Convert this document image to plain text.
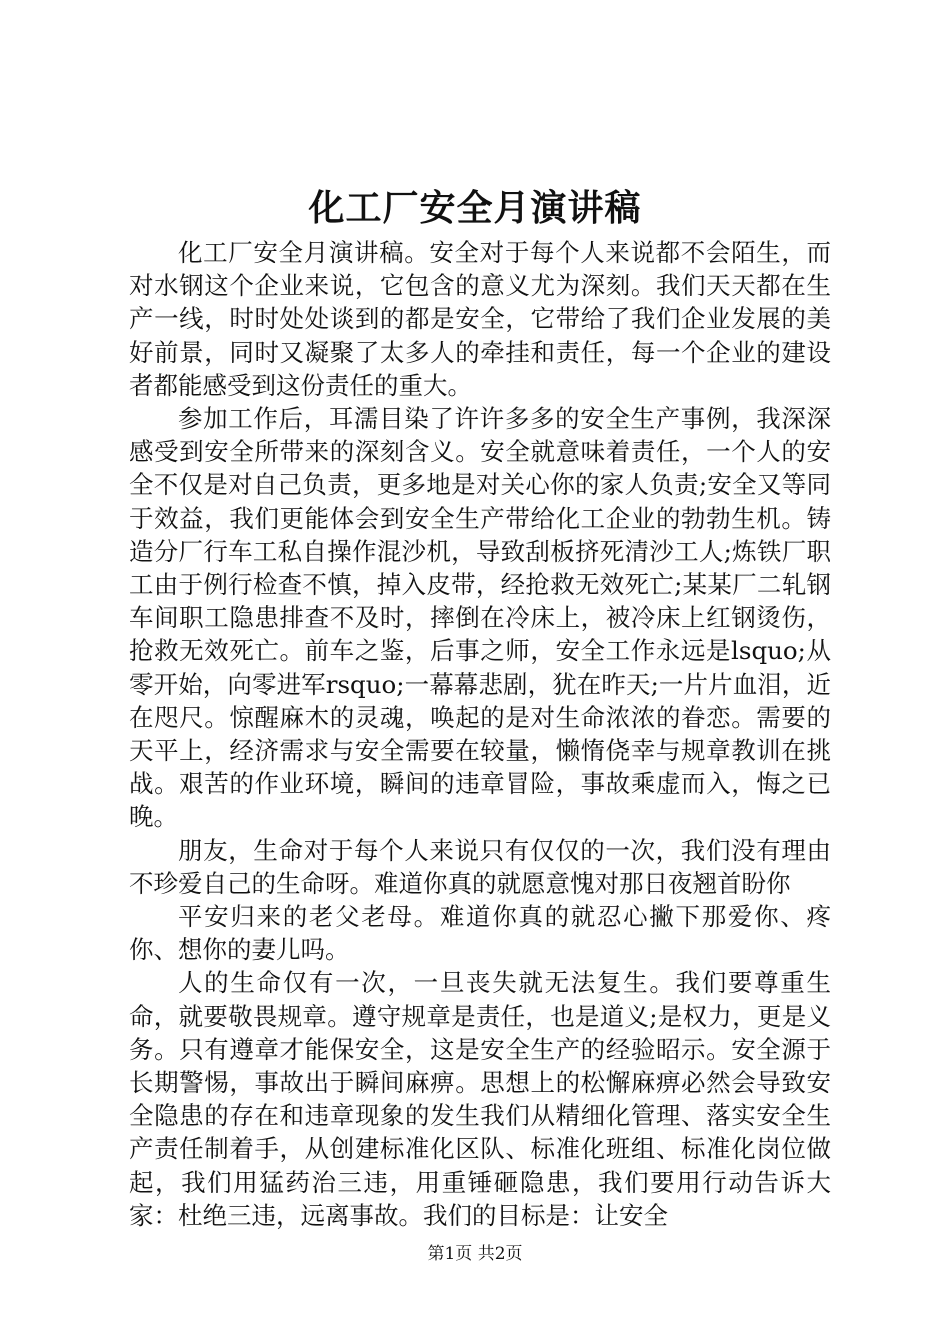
化工厂安全月演讲稿

化工厂安全月演讲稿。安全对于每个人来说都不会陌生，而对水钢这个企业来说，它包含的意义尤为深刻。我们天天都在生产一线，时时处处谈到的都是安全，它带给了我们企业发展的美好前景，同时又凝聚了太多人的牵挂和责任，每一个企业的建设者都能感受到这份责任的重大。

参加工作后，耳濡目染了许许多多的安全生产事例，我深深感受到安全所带来的深刻含义。安全就意味着责任，一个人的安全不仅是对自己负责，更多地是对关心你的家人负责;安全又等同于效益，我们更能体会到安全生产带给化工企业的勃勃生机。铸造分厂行车工私自操作混沙机，导致刮板挤死清沙工人;炼铁厂职工由于例行检查不慎，掉入皮带，经抢救无效死亡;某某厂二轧钢车间职工隐患排查不及时，摔倒在冷床上，被冷床上红钢烫伤，抢救无效死亡。前车之鉴，后事之师，安全工作永远是lsquo;从零开始，向零进军rsquo;一幕幕悲剧，犹在昨天;一片片血泪，近在咫尺。惊醒麻木的灵魂，唤起的是对生命浓浓的眷恋。需要的天平上，经济需求与安全需要在较量，懒惰侥幸与规章教训在挑战。艰苦的作业环境，瞬间的违章冒险，事故乘虚而入，悔之已晚。

朋友，生命对于每个人来说只有仅仅的一次，我们没有理由不珍爱自己的生命呀。难道你真的就愿意愧对那日夜翘首盼你

平安归来的老父老母。难道你真的就忍心撇下那爱你、疼你、想你的妻儿吗。

人的生命仅有一次，一旦丧失就无法复生。我们要尊重生命，就要敬畏规章。遵守规章是责任，也是道义;是权力，更是义务。只有遵章才能保安全，这是安全生产的经验昭示。安全源于长期警惕，事故出于瞬间麻痹。思想上的松懈麻痹必然会导致安全隐患的存在和违章现象的发生我们从精细化管理、落实安全生产责任制着手，从创建标准化区队、标准化班组、标准化岗位做起，我们用猛药治三违，用重锤砸隐患，我们要用行动告诉大家：杜绝三违，远离事故。我们的目标是：让安全

第1页 共2页
